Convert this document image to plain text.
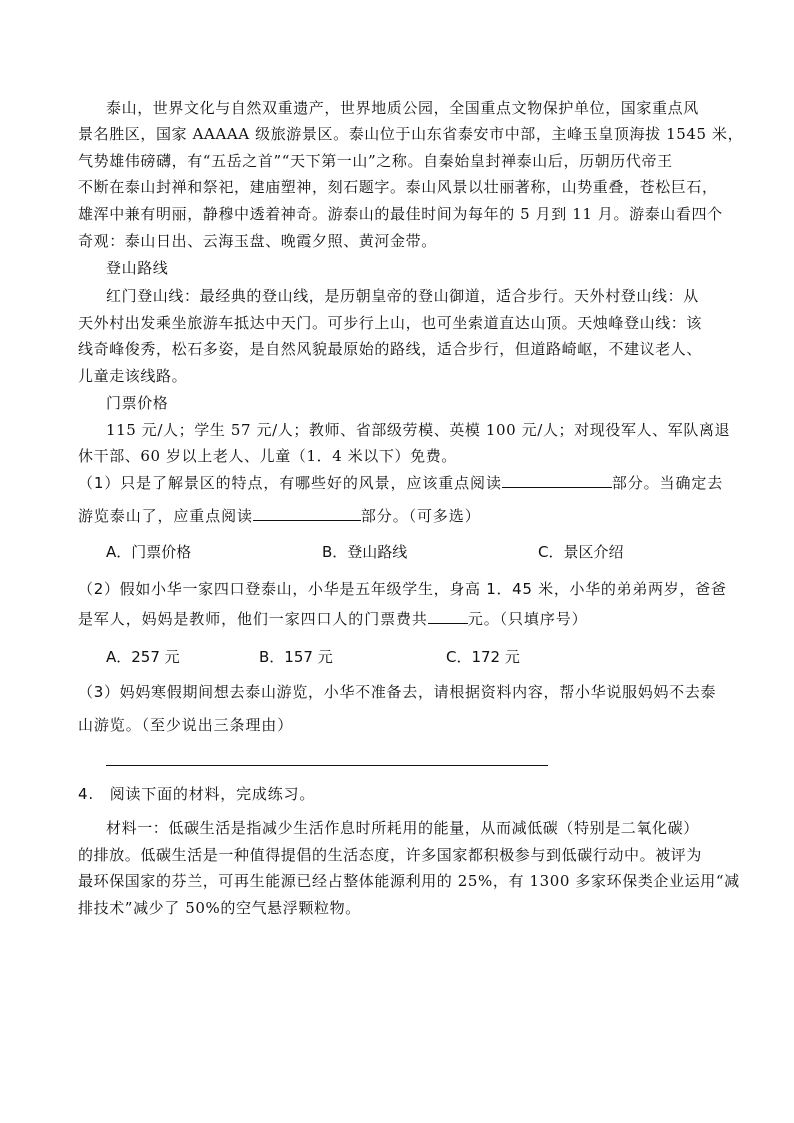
泰山，世界文化与自然双重遗产，世界地质公园，全国重点文物保护单位，国家重点风
景名胜区，国家 AAAAA 级旅游景区。泰山位于山东省泰安市中部，主峰玉皇顶海拔 1545 米，
气势雄伟磅礴，有“五岳之首”“天下第一山”之称。自秦始皇封禅泰山后，历朝历代帝王
不断在泰山封禅和祭祀，建庙塑神，刻石题字。泰山风景以壮丽著称，山势重叠，苍松巨石，
雄浑中兼有明丽，静穆中透着神奇。游泰山的最佳时间为每年的 5 月到 11 月。游泰山看四个
奇观：泰山日出、云海玉盘、晚霞夕照、黄河金带。
登山路线
红门登山线：最经典的登山线，是历朝皇帝的登山御道，适合步行。天外村登山线：从
天外村出发乘坐旅游车抵达中天门。可步行上山，也可坐索道直达山顶。天烛峰登山线：该
线奇峰俊秀，松石多姿，是自然风貌最原始的路线，适合步行，但道路崎岖，不建议老人、
儿童走该线路。
门票价格
115 元/人；学生 57 元/人；教师、省部级劳模、英模 100 元/人；对现役军人、军队离退
休干部、60 岁以上老人、儿童（1．4 米以下）免费。
（1）只是了解景区的特点，有哪些好的风景，应该重点阅读	部分。当确定去
游览泰山了，应重点阅读	部分。（可多选）
A．门票价格	B．登山路线	C．景区介绍
（2）假如小华一家四口登泰山，小华是五年级学生，身高 1．45 米，小华的弟弟两岁，爸爸
是军人，妈妈是教师，他们一家四口人的门票费共	元。（只填序号）
A．257 元	B．157 元	C．172 元
（3）妈妈寒假期间想去泰山游览，小华不准备去，请根据资料内容，帮小华说服妈妈不去泰
山游览。（至少说出三条理由）
4.　阅读下面的材料，完成练习。
材料一：低碳生活是指减少生活作息时所耗用的能量，从而减低碳（特别是二氧化碳）
的排放。低碳生活是一种值得提倡的生活态度，许多国家都积极参与到低碳行动中。被评为
最环保国家的芬兰，可再生能源已经占整体能源利用的 25%，有 1300 多家环保类企业运用“减
排技术”减少了 50%的空气悬浮颗粒物。
